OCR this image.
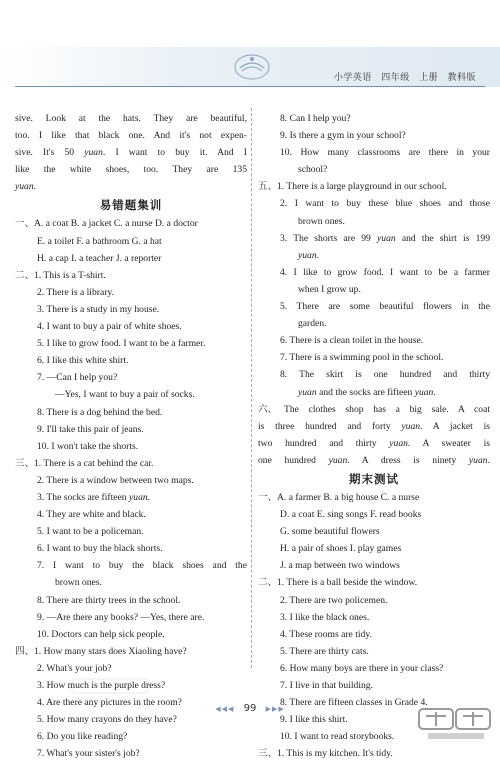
小学英语 四年级 上册 教科版
sive. Look at the hats. They are beautiful,
too. I like that black one. And it's not expen-
sive. It's 50 yuan. I want to buy it. And I
like the white shoes, too. They are 135
yuan.
易错题集训
一、A. a coat B. a jacket C. a nurse D. a doctor
E. a toilet F. a bathroom G. a hat
H. a cap I. a teacher J. a reporter
二、1. This is a T-shirt.
2. There is a library.
3. There is a study in my house.
4. I want to buy a pair of white shoes.
5. I like to grow food. I want to be a farmer.
6. I like this white shirt.
7. —Can I help you?
—Yes, I want to buy a pair of socks.
8. There is a dog behind the bed.
9. I'll take this pair of jeans.
10. I won't take the shorts.
三、1. There is a cat behind the car.
2. There is a window between two maps.
3. The socks are fifteen yuan.
4. They are white and black.
5. I want to be a policeman.
6. I want to buy the black shorts.
7. I want to buy the black shoes and the
brown ones.
8. There are thirty trees in the school.
9. —Are there any books? —Yes, there are.
10. Doctors can help sick people.
四、1. How many stars does Xiaoling have?
2. What's your job?
3. How much is the purple dress?
4. Are there any pictures in the room?
5. How many crayons do they have?
6. Do you like reading?
7. What's your sister's job?
8. Can I help you?
9. Is there a gym in your school?
10. How many classrooms are there in your
school?
五、1. There is a large playground in our school.
2. I want to buy these blue shoes and those
brown ones.
3. The shorts are 99 yuan and the shirt is 199
yuan.
4. I like to grow food. I want to be a farmer
when I grow up.
5. There are some beautiful flowers in the
garden.
6. There is a clean toilet in the house.
7. There is a swimming pool in the school.
8. The skirt is one hundred and thirty
yuan and the socks are fifteen yuan.
六、 The clothes shop has a big sale. A coat
is three hundred and forty yuan. A jacket is
two hundred and thirty yuan. A sweater is
one hundred yuan. A dress is ninety yuan.
期末测试
一、A. a farmer B. a big house C. a nurse
D. a coat E. sing songs F. read books
G. some beautiful flowers
H. a pair of shoes I. play games
J. a map between two windows
二、1. There is a ball beside the window.
2. There are two policemen.
3. I like the black ones.
4. These rooms are tidy.
5. There are thirty cats.
6. How many boys are there in your class?
7. I live in that building.
8. There are fifteen classes in Grade 4.
9. I like this shirt.
10. I want to read storybooks.
三、1. This is my kitchen. It's tidy.
◀◀◀ 99 ▶▶▶
